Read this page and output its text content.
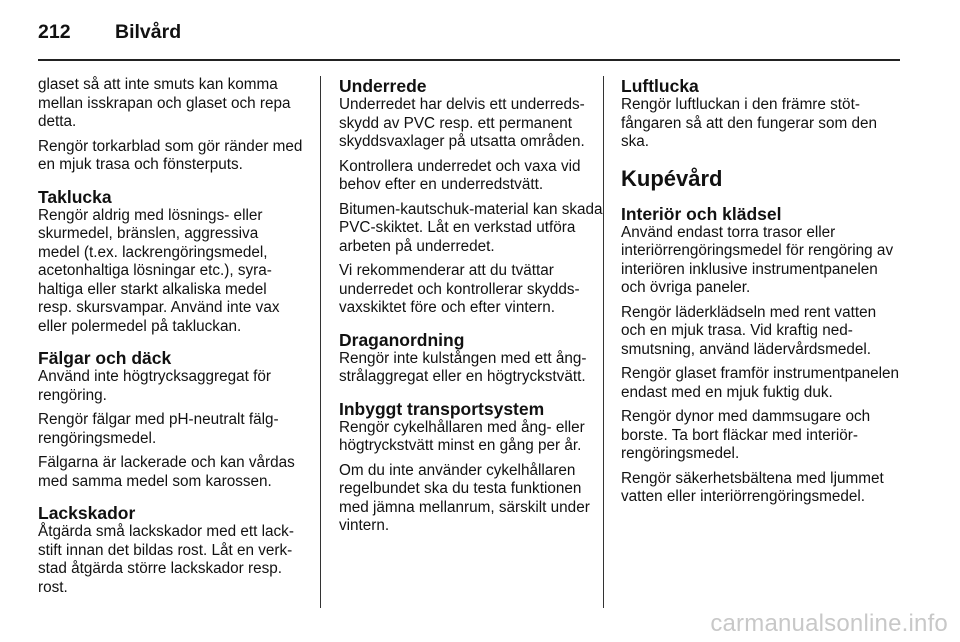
212 Bilvård

glaset så att inte smuts kan komma mellan isskrapan och glaset och repa detta.

Rengör torkarblad som gör ränder med en mjuk trasa och fönsterputs.

Taklucka

Rengör aldrig med lösnings- eller skurmedel, bränslen, aggressiva medel (t.ex. lackrengöringsmedel, acetonhaltiga lösningar etc.), syrahaltiga eller starkt alkaliska medel resp. skursvampar. Använd inte vax eller polermedel på takluckan.

Fälgar och däck

Använd inte högtrycksaggregat för rengöring.

Rengör fälgar med pH-neutralt fälgrengöringsmedel.

Fälgarna är lackerade och kan vårdas med samma medel som karossen.

Lackskador

Åtgärda små lackskador med ett lackstift innan det bildas rost. Låt en verkstad åtgärda större lackskador resp. rost.

Underrede

Underredet har delvis ett underredsskydd av PVC resp. ett permanent skyddsvaxlager på utsatta områden.

Kontrollera underredet och vaxa vid behov efter en underredstvätt.

Bitumen-kautschuk-material kan skada PVC-skiktet. Låt en verkstad utföra arbeten på underredet.

Vi rekommenderar att du tvättar underredet och kontrollerar skyddsvaxskiktet före och efter vintern.

Draganordning

Rengör inte kulstången med ett ångstrålaggregat eller en högtryckstvätt.

Inbyggt transportsystem

Rengör cykelhållaren med ång- eller högtryckstvätt minst en gång per år.

Om du inte använder cykelhållaren regelbundet ska du testa funktionen med jämna mellanrum, särskilt under vintern.

Luftlucka

Rengör luftluckan i den främre stötfångaren så att den fungerar som den ska.

Kupévård
Interiör och klädsel

Använd endast torra trasor eller interiörrengöringsmedel för rengöring av interiören inklusive instrumentpanelen och övriga paneler.

Rengör läderklädseln med rent vatten och en mjuk trasa. Vid kraftig nedsmutsning, använd lädervårdsmedel.

Rengör glaset framför instrumentpanelen endast med en mjuk fuktig duk.

Rengör dynor med dammsugare och borste. Ta bort fläckar med interiörrengöringsmedel.

Rengör säkerhetsbältena med ljummet vatten eller interiörrengöringsmedel.

carmanualsonline.info
